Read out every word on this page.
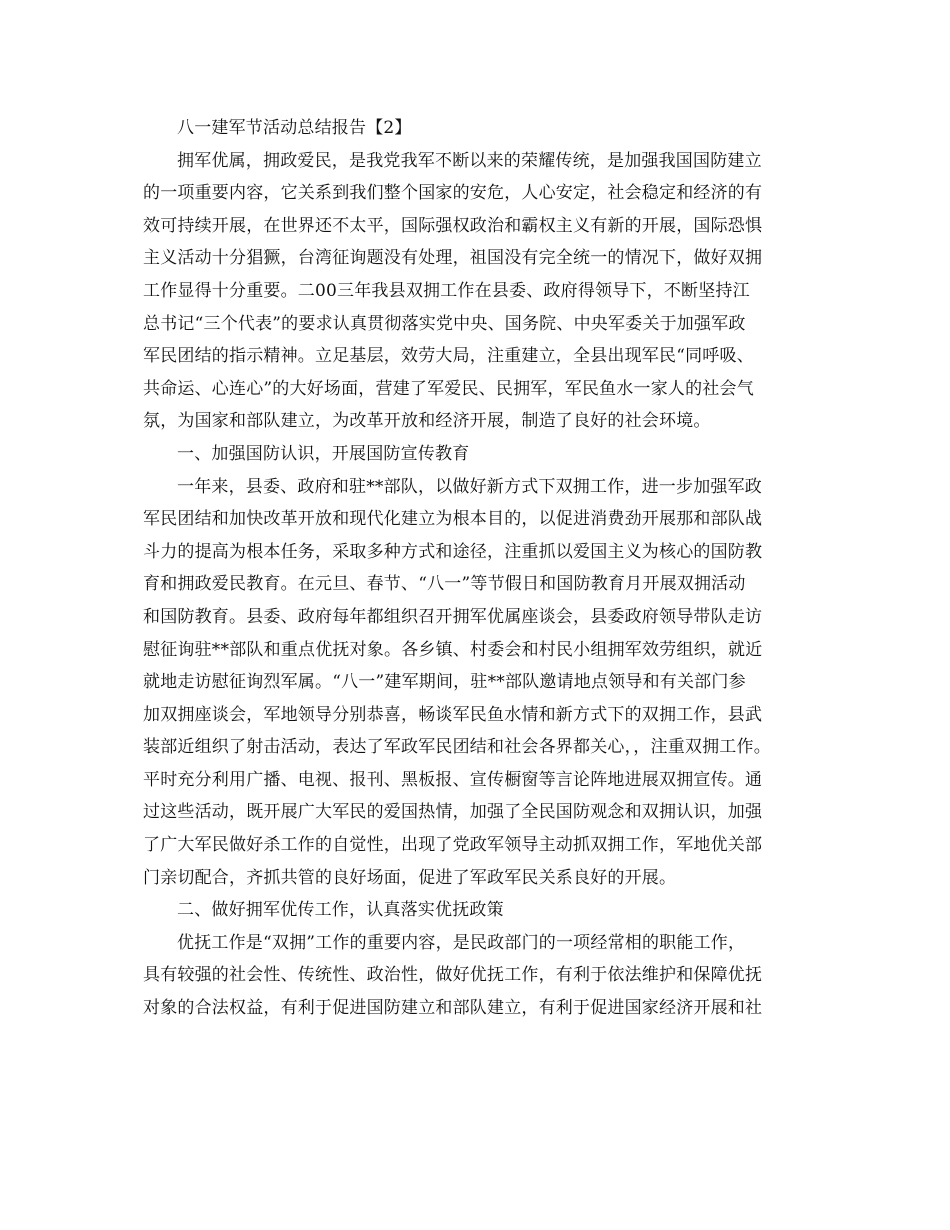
八一建军节活动总结报告【2】
拥军优属，拥政爱民，是我党我军不断以来的荣耀传统，是加强我国国防建立
的一项重要内容，它关系到我们整个国家的安危，人心安定，社会稳定和经济的有
效可持续开展，在世界还不太平，国际强权政治和霸权主义有新的开展，国际恐惧
主义活动十分猖獗，台湾征询题没有处理，祖国没有完全统一的情况下，做好双拥
工作显得十分重要。二00三年我县双拥工作在县委、政府得领导下，不断坚持江
总书记“三个代表”的要求认真贯彻落实党中央、国务院、中央军委关于加强军政
军民团结的指示精神。立足基层，效劳大局，注重建立，全县出现军民“同呼吸、
共命运、心连心”的大好场面，营建了军爱民、民拥军，军民鱼水一家人的社会气
氛，为国家和部队建立，为改革开放和经济开展，制造了良好的社会环境。
一、加强国防认识，开展国防宣传教育
一年来，县委、政府和驻**部队，以做好新方式下双拥工作，进一步加强军政
军民团结和加快改革开放和现代化建立为根本目的，以促进消费劲开展那和部队战
斗力的提高为根本任务，采取多种方式和途径，注重抓以爱国主义为核心的国防教
育和拥政爱民教育。在元旦、春节、“八一”等节假日和国防教育月开展双拥活动
和国防教育。县委、政府每年都组织召开拥军优属座谈会，县委政府领导带队走访
慰征询驻**部队和重点优抚对象。各乡镇、村委会和村民小组拥军效劳组织，就近
就地走访慰征询烈军属。“八一”建军期间，驻**部队邀请地点领导和有关部门参
加双拥座谈会，军地领导分别恭喜，畅谈军民鱼水情和新方式下的双拥工作，县武
装部近组织了射击活动，表达了军政军民团结和社会各界都关心，，注重双拥工作。
平时充分利用广播、电视、报刊、黑板报、宣传橱窗等言论阵地进展双拥宣传。通
过这些活动，既开展广大军民的爱国热情，加强了全民国防观念和双拥认识，加强
了广大军民做好杀工作的自觉性，出现了党政军领导主动抓双拥工作，军地优关部
门亲切配合，齐抓共管的良好场面，促进了军政军民关系良好的开展。
二、做好拥军优传工作，认真落实优抚政策
优抚工作是“双拥”工作的重要内容，是民政部门的一项经常相的职能工作，
具有较强的社会性、传统性、政治性，做好优抚工作，有利于依法维护和保障优抚
对象的合法权益，有利于促进国防建立和部队建立，有利于促进国家经济开展和社
